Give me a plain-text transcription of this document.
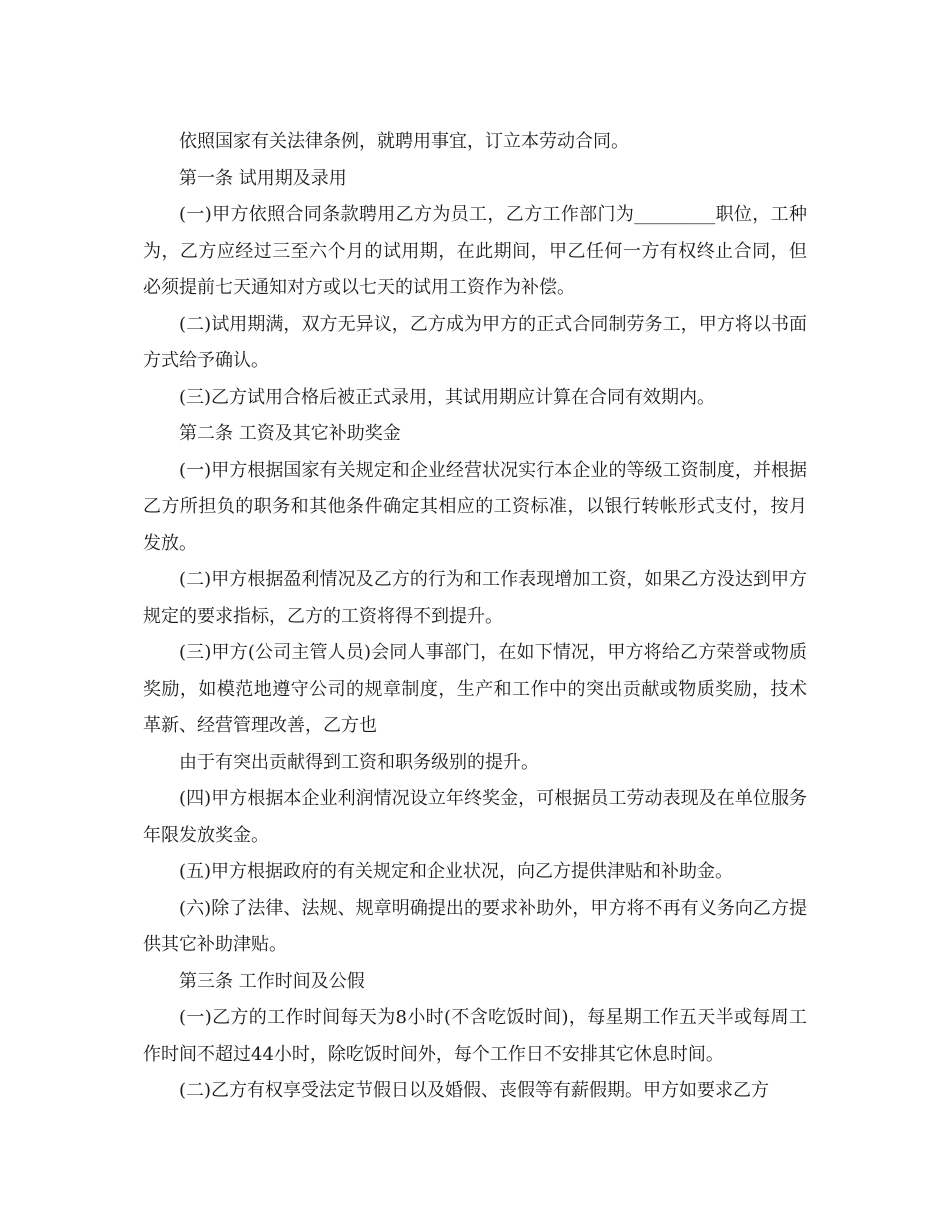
依照国家有关法律条例，就聘用事宜，订立本劳动合同。

第一条 试用期及录用

(一)甲方依照合同条款聘用乙方为员工，乙方工作部门为_________职位，工种为，乙方应经过三至六个月的试用期，在此期间，甲乙任何一方有权终止合同，但必须提前七天通知对方或以七天的试用工资作为补偿。

(二)试用期满，双方无异议，乙方成为甲方的正式合同制劳务工，甲方将以书面方式给予确认。

(三)乙方试用合格后被正式录用，其试用期应计算在合同有效期内。

第二条 工资及其它补助奖金

(一)甲方根据国家有关规定和企业经营状况实行本企业的等级工资制度，并根据乙方所担负的职务和其他条件确定其相应的工资标准，以银行转帐形式支付，按月发放。

(二)甲方根据盈利情况及乙方的行为和工作表现增加工资，如果乙方没达到甲方规定的要求指标，乙方的工资将得不到提升。

(三)甲方(公司主管人员)会同人事部门，在如下情况，甲方将给乙方荣誉或物质奖励，如模范地遵守公司的规章制度，生产和工作中的突出贡献或物质奖励，技术革新、经营管理改善，乙方也

由于有突出贡献得到工资和职务级别的提升。

(四)甲方根据本企业利润情况设立年终奖金，可根据员工劳动表现及在单位服务年限发放奖金。

(五)甲方根据政府的有关规定和企业状况，向乙方提供津贴和补助金。

(六)除了法律、法规、规章明确提出的要求补助外，甲方将不再有义务向乙方提供其它补助津贴。

第三条 工作时间及公假

(一)乙方的工作时间每天为8小时(不含吃饭时间)，每星期工作五天半或每周工作时间不超过44小时，除吃饭时间外，每个工作日不安排其它休息时间。

(二)乙方有权享受法定节假日以及婚假、丧假等有薪假期。甲方如要求乙方
